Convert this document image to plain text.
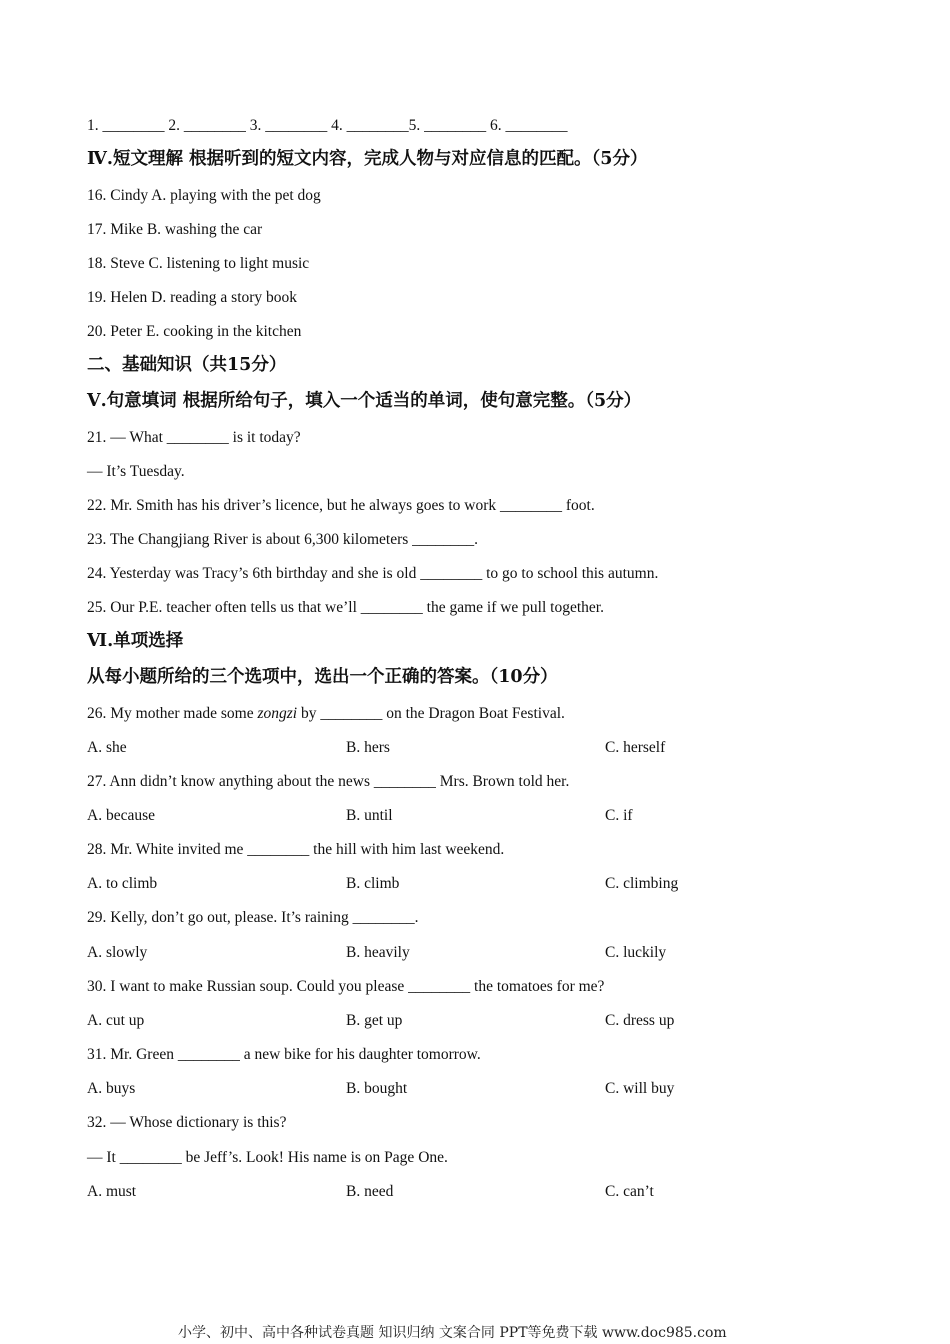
1. ________ 2. ________ 3. ________ 4. ________5. ________ 6. ________
Ⅳ.短文理解 根据听到的短文内容，完成人物与对应信息的匹配。（5分）
16. Cindy A. playing with the pet dog
17. Mike B. washing the car
18. Steve C. listening to light music
19. Helen D. reading a story book
20. Peter E. cooking in the kitchen
二、基础知识（共15分）
Ⅴ.句意填词 根据所给句子，填入一个适当的单词，使句意完整。（5分）
21. — What ________ is it today?
— It’s Tuesday.
22. Mr. Smith has his driver’s licence, but he always goes to work ________ foot.
23. The Changjiang River is about 6,300 kilometers ________.
24. Yesterday was Tracy’s 6th birthday and she is old ________ to go to school this autumn.
25. Our P.E. teacher often tells us that we’ll ________ the game if we pull together.
Ⅵ.单项选择
从每小题所给的三个选项中，选出一个正确的答案。（10分）
26. My mother made some zongzi by ________ on the Dragon Boat Festival.
A. she	B. hers	C. herself
27. Ann didn’t know anything about the news ________ Mrs. Brown told her.
A. because	B. until	C. if
28. Mr. White invited me ________ the hill with him last weekend.
A. to climb	B. climb	C. climbing
29. Kelly, don’t go out, please. It’s raining ________.
A. slowly	B. heavily	C. luckily
30. I want to make Russian soup. Could you please ________ the tomatoes for me?
A. cut up	B. get up	C. dress up
31. Mr. Green ________ a new bike for his daughter tomorrow.
A. buys	B. bought	C. will buy
32. — Whose dictionary is this?
— It ________ be Jeff’s. Look! His name is on Page One.
A. must	B. need	C. can’t
小学、初中、高中各种试卷真题 知识归纳 文案合同 PPT等免费下载 www.doc985.com
